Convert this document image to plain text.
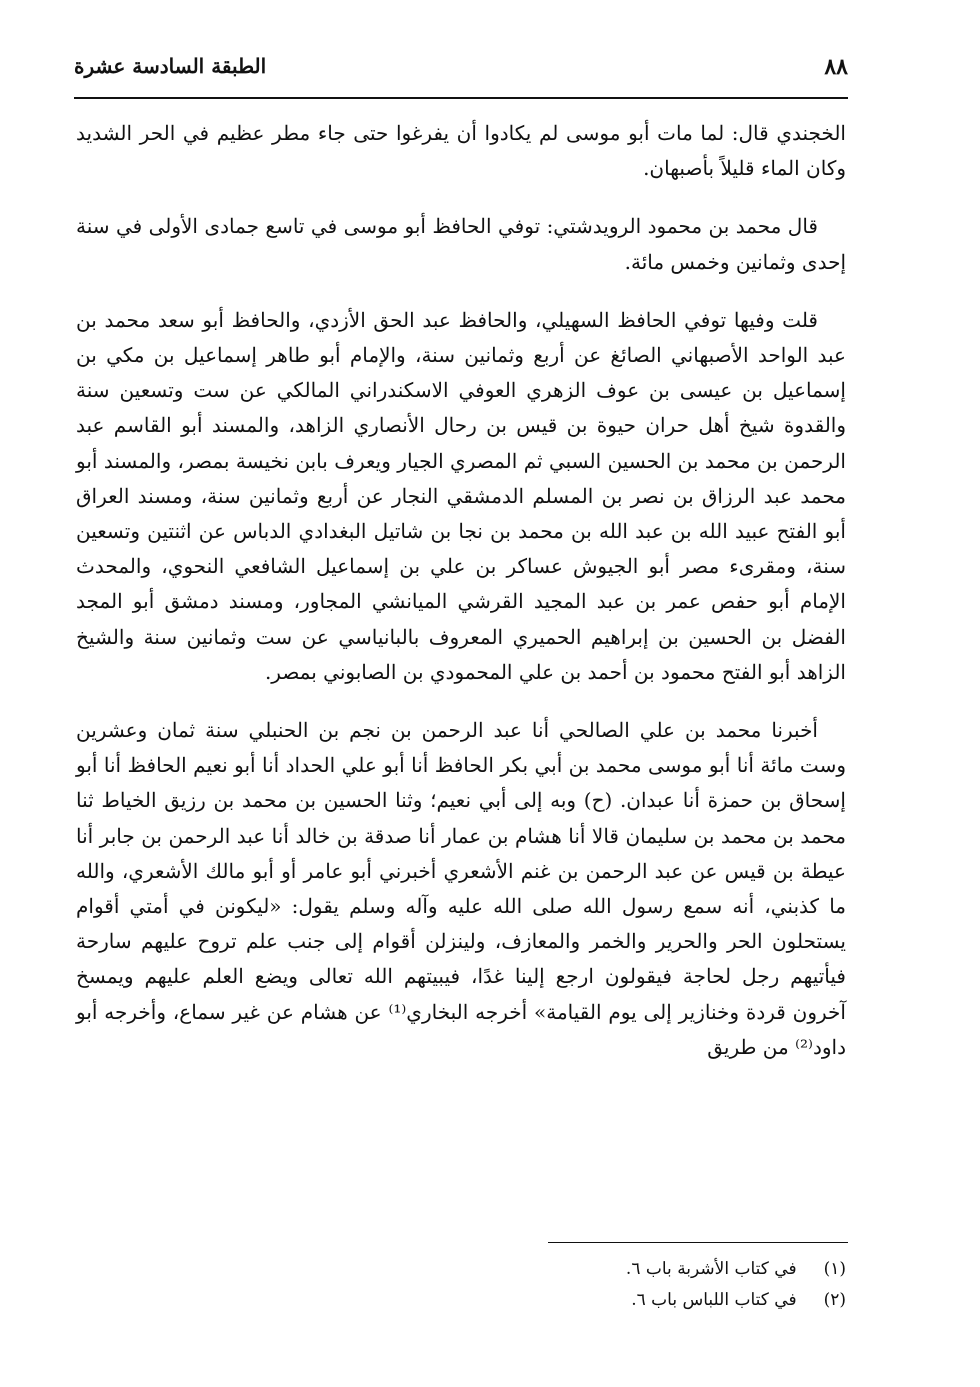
٨٨
الطبقة السادسة عشرة

الخجندي قال: لما مات أبو موسى لم يكادوا أن يفرغوا حتى جاء مطر عظيم في الحر الشديد وكان الماء قليلاً بأصبهان.

قال محمد بن محمود الرويدشتي: توفي الحافظ أبو موسى في تاسع جمادى الأولى في سنة إحدى وثمانين وخمس مائة.

قلت وفيها توفي الحافظ السهيلي، والحافظ عبد الحق الأزدي، والحافظ أبو سعد محمد بن عبد الواحد الأصبهاني الصائغ عن أربع وثمانين سنة، والإمام أبو طاهر إسماعيل بن مكي بن إسماعيل بن عيسى بن عوف الزهري العوفي الاسكندراني المالكي عن ست وتسعين سنة والقدوة شيخ أهل حران حيوة بن قيس بن رحال الأنصاري الزاهد، والمسند أبو القاسم عبد الرحمن بن محمد بن الحسين السبي ثم المصري الجيار ويعرف بابن نخيسة بمصر، والمسند أبو محمد عبد الرزاق بن نصر بن المسلم الدمشقي النجار عن أربع وثمانين سنة، ومسند العراق أبو الفتح عبيد الله بن عبد الله بن محمد بن نجا بن شاتيل البغدادي الدباس عن اثنتين وتسعين سنة، ومقرىء مصر أبو الجيوش عساكر بن علي بن إسماعيل الشافعي النحوي، والمحدث الإمام أبو حفص عمر بن عبد المجيد القرشي الميانشي المجاور، ومسند دمشق أبو المجد الفضل بن الحسين بن إبراهيم الحميري المعروف بالبانياسي عن ست وثمانين سنة والشيخ الزاهد أبو الفتح محمود بن أحمد بن علي المحمودي بن الصابوني بمصر.

أخبرنا محمد بن علي الصالحي أنا عبد الرحمن بن نجم بن الحنبلي سنة ثمان وعشرين وست مائة أنا أبو موسى محمد بن أبي بكر الحافظ أنا أبو علي الحداد أنا أبو نعيم الحافظ أنا أبو إسحاق بن حمزة أنا عبدان. (ح) وبه إلى أبي نعيم؛ وثنا الحسين بن محمد بن رزيق الخياط ثنا محمد بن محمد بن سليمان قالا أنا هشام بن عمار أنا صدقة بن خالد أنا عبد الرحمن بن جابر أنا عيطة بن قيس عن عبد الرحمن بن غنم الأشعري أخبرني أبو عامر أو أبو مالك الأشعري، والله ما كذبني، أنه سمع رسول الله صلى الله عليه وآله وسلم يقول: «ليكونن في أمتي أقوام يستحلون الحر والحرير والخمر والمعازف، ولينزلن أقوام إلى جنب علم تروح عليهم سارحة فيأتيهم رجل لحاجة فيقولون ارجع إلينا غدًا، فيبيتهم الله تعالى ويضع العلم عليهم ويمسخ آخرون قردة وخنازير إلى يوم القيامة» أخرجه البخاري⁽¹⁾ عن هشام عن غير سماع، وأخرجه أبو داود⁽²⁾ من طريق

(١) في كتاب الأشربة باب ٦.

(٢) في كتاب اللباس باب ٦.
